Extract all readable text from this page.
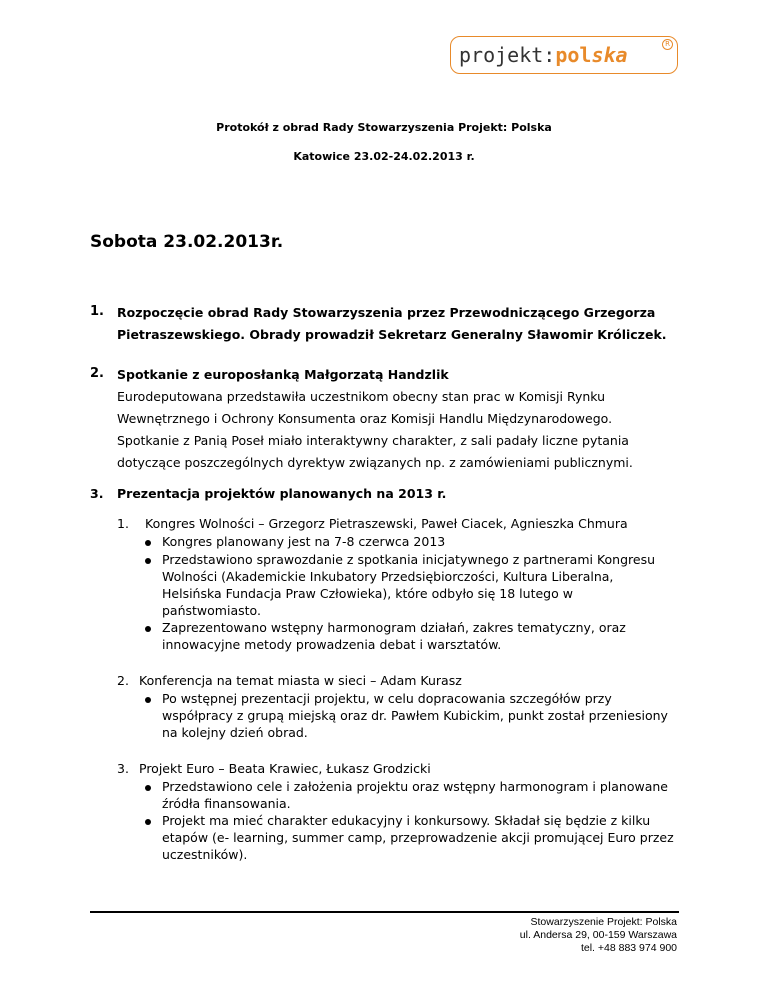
projekt:polska	R
Protokół z obrad Rady Stowarzyszenia Projekt: Polska
Katowice 23.02-24.02.2013 r.
Sobota 23.02.2013r.
1. Rozpoczęcie obrad Rady Stowarzyszenia przez Przewodniczącego Grzegorza
Pietraszewskiego. Obrady prowadził Sekretarz Generalny Sławomir Króliczek.
2. Spotkanie z europosłanką Małgorzatą Handzlik
Eurodeputowana przedstawiła uczestnikom obecny stan prac w Komisji Rynku
Wewnętrznego i Ochrony Konsumenta oraz Komisji Handlu Międzynarodowego.
Spotkanie z Panią Poseł miało interaktywny charakter, z sali padały liczne pytania
dotyczące poszczególnych dyrektyw związanych np. z zamówieniami publicznymi.
3. Prezentacja projektów planowanych na 2013 r.
1. Kongres Wolności – Grzegorz Pietraszewski, Paweł Ciacek, Agnieszka Chmura
Kongres planowany jest na 7-8 czerwca 2013
Przedstawiono sprawozdanie z spotkania inicjatywnego z partnerami Kongresu
Wolności (Akademickie Inkubatory Przedsiębiorczości, Kultura Liberalna,
Helsińska Fundacja Praw Człowieka), które odbyło się 18 lutego w
państwomiasto.
Zaprezentowano wstępny harmonogram działań, zakres tematyczny, oraz
innowacyjne metody prowadzenia debat i warsztatów.
2. Konferencja na temat miasta w sieci – Adam Kurasz
Po wstępnej prezentacji projektu, w celu dopracowania szczegółów przy
współpracy z grupą miejską oraz dr. Pawłem Kubickim, punkt został przeniesiony
na kolejny dzień obrad.
3. Projekt Euro – Beata Krawiec, Łukasz Grodzicki
Przedstawiono cele i założenia projektu oraz wstępny harmonogram i planowane
źródła finansowania.
Projekt ma mieć charakter edukacyjny i konkursowy. Składał się będzie z kilku
etapów (e- learning, summer camp, przeprowadzenie akcji promującej Euro przez
uczestników).
Stowarzyszenie Projekt: Polska
ul. Andersa 29, 00-159 Warszawa
tel. +48 883 974 900
